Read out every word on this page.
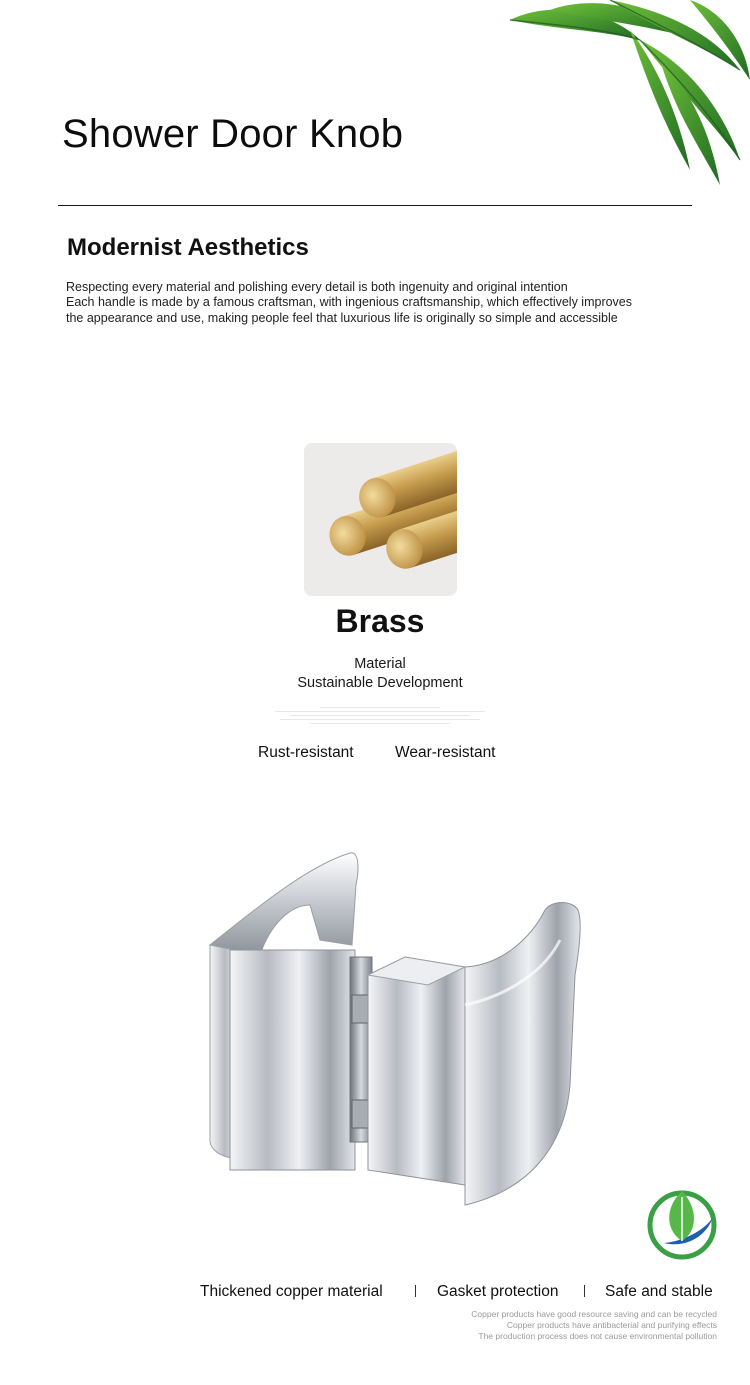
Shower Door Knob
Modernist Aesthetics
Respecting every material and polishing every detail is both ingenuity and original intention
Each handle is made by a famous craftsman, with ingenious craftsmanship, which effectively improves
the appearance and use, making people feel that luxurious life is originally so simple and accessible
Brass
Material
Sustainable Development
Rust-resistant	Wear-resistant
Thickened copper material	Gasket protection	Safe and stable
Copper products have good resource saving and can be recycled
Copper products have antibacterial and purifying effects
The production process does not cause environmental pollution
